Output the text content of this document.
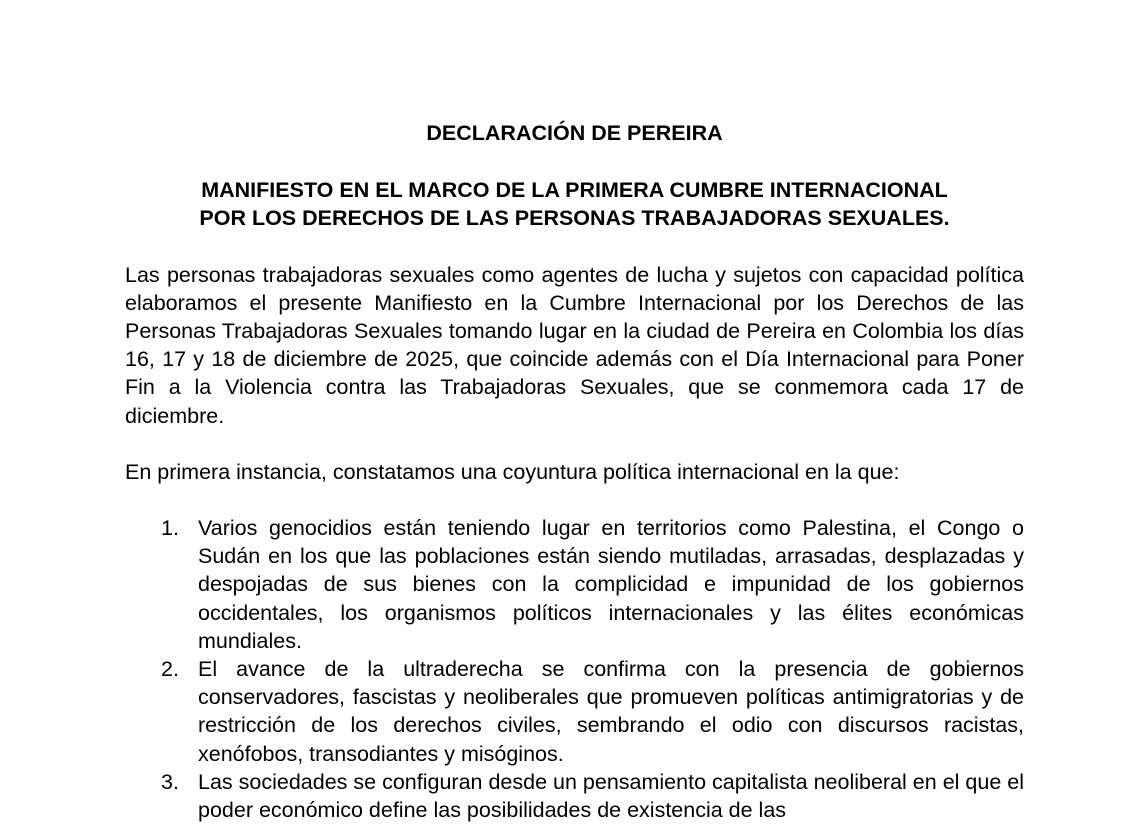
DECLARACIÓN DE PEREIRA

MANIFIESTO EN EL MARCO DE LA PRIMERA CUMBRE INTERNACIONAL
POR LOS DERECHOS DE LAS PERSONAS TRABAJADORAS SEXUALES.

Las personas trabajadoras sexuales como agentes de lucha y sujetos con capacidad política elaboramos el presente Manifiesto en la Cumbre Internacional por los Derechos de las Personas Trabajadoras Sexuales tomando lugar en la ciudad de Pereira en Colombia los días 16, 17 y 18 de diciembre de 2025, que coincide además con el Día Internacional para Poner Fin a la Violencia contra las Trabajadoras Sexuales, que se conmemora cada 17 de diciembre.

En primera instancia, constatamos una coyuntura política internacional en la que:

1. Varios genocidios están teniendo lugar en territorios como Palestina, el Congo o Sudán en los que las poblaciones están siendo mutiladas, arrasadas, desplazadas y despojadas de sus bienes con la complicidad e impunidad de los gobiernos occidentales, los organismos políticos internacionales y las élites económicas mundiales.
2. El avance de la ultraderecha se confirma con la presencia de gobiernos conservadores, fascistas y neoliberales que promueven políticas antimigratorias y de restricción de los derechos civiles, sembrando el odio con discursos racistas, xenófobos, transodiantes y misóginos.
3. Las sociedades se configuran desde un pensamiento capitalista neoliberal en el que el poder económico define las posibilidades de existencia de las
